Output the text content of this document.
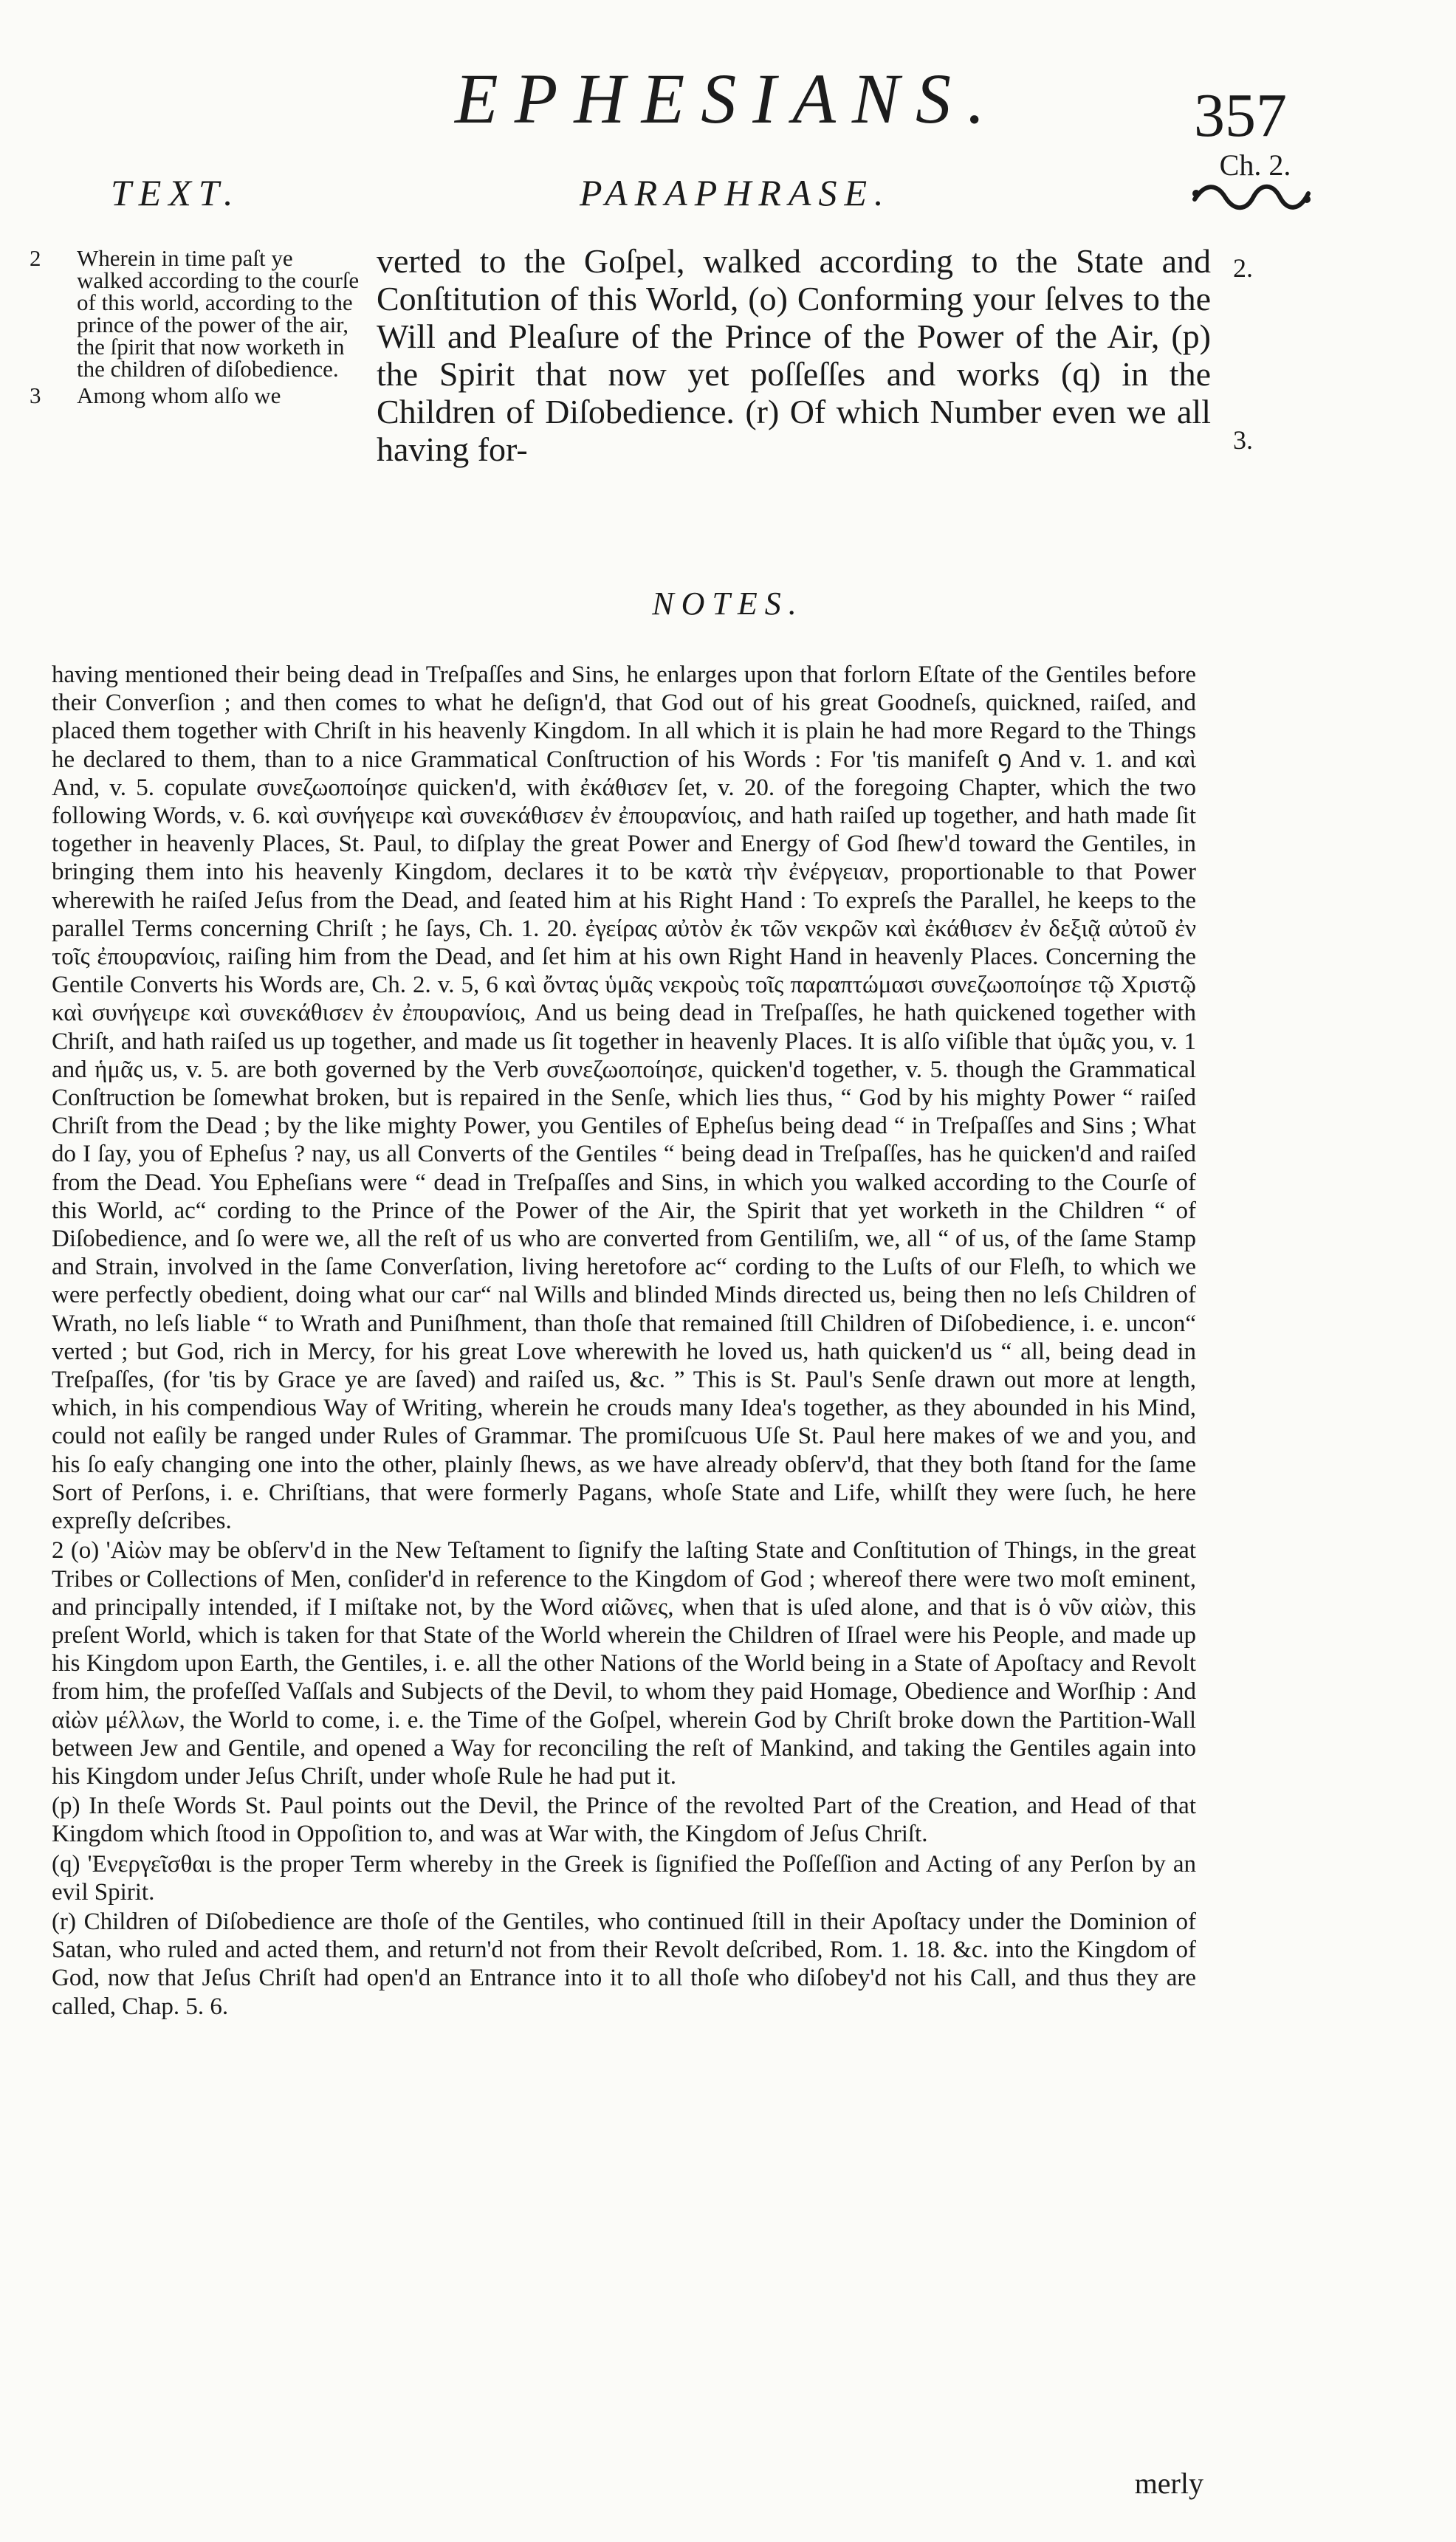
EPHESIANS.	357
Ch. 2.
TEXT.	PARAPHRASE.
2 Wherein in time paſt ye walked according to the courſe of this world, according to the prince of the power of the air, the ſpirit that now worketh in the children of diſobedience.
3 Among whom alſo we
verted to the Goſpel, walked according to the State and Conſtitution of this World, (o) Conforming your ſelves to the Will and Pleaſure of the Prince of the Power of the Air, (p) the Spirit that now yet poſſeſſes and works (q) in the Children of Diſobedience. (r) Of which Number even we all having for-
2.
3.
NOTES.

having mentioned their being dead in Treſpaſſes and Sins, he enlarges upon that forlorn Eſtate of the Gentiles before their Converſion ; and then comes to what he deſign'd, that God out of his great Goodneſs, quickned, raiſed, and placed them together with Chriſt in his heavenly Kingdom. In all which it is plain he had more Regard to the Things he declared to them, than to a nice Grammatical Conſtruction of his Words : For 'tis manifeſt ꝯ And v. 1. and καὶ And, v. 5. copulate συνεζωοποίησε quicken'd, with ἐκάθισεν ſet, v. 20. of the foregoing Chapter, which the two following Words, v. 6. καὶ συνήγειρε καὶ συνεκάθισεν ἐν ἐπουρανίοις, and hath raiſed up together, and hath made ſit together in heavenly Places, St. Paul, to diſplay the great Power and Energy of God ſhew'd toward the Gentiles, in bringing them into his heavenly Kingdom, declares it to be κατὰ τὴν ἐνέργειαν, proportionable to that Power wherewith he raiſed Jeſus from the Dead, and ſeated him at his Right Hand : To expreſs the Parallel, he keeps to the parallel Terms concerning Chriſt ; he ſays, Ch. 1. 20. ἐγείρας αὐτὸν ἐκ τῶν νεκρῶν καὶ ἐκάθισεν ἐν δεξιᾷ αὐτοῦ ἐν τοῖς ἐπουρανίοις, raiſing him from the Dead, and ſet him at his own Right Hand in heavenly Places. Concerning the Gentile Converts his Words are, Ch. 2. v. 5, 6 καὶ ὄντας ὑμᾶς νεκροὺς τοῖς παραπτώμασι συνεζωοποίησε τῷ Χριστῷ καὶ συνήγειρε καὶ συνεκάθισεν ἐν ἐπουρανίοις, And us being dead in Treſpaſſes, he hath quickened together with Chriſt, and hath raiſed us up together, and made us ſit together in heavenly Places. It is alſo viſible that ὑμᾶς you, v. 1 and ἡμᾶς us, v. 5. are both governed by the Verb συνεζωοποίησε, quicken'd together, v. 5. though the Grammatical Conſtruction be ſomewhat broken, but is repaired in the Senſe, which lies thus, “ God by his mighty Power “ raiſed Chriſt from the Dead ; by the like mighty Power, you Gentiles of Epheſus being dead “ in Treſpaſſes and Sins ; What do I ſay, you of Epheſus ? nay, us all Converts of the Gentiles “ being dead in Treſpaſſes, has he quicken'd and raiſed from the Dead. You Epheſians were “ dead in Treſpaſſes and Sins, in which you walked according to the Courſe of this World, ac“ cording to the Prince of the Power of the Air, the Spirit that yet worketh in the Children “ of Diſobedience, and ſo were we, all the reſt of us who are converted from Gentiliſm, we, all “ of us, of the ſame Stamp and Strain, involved in the ſame Converſation, living heretofore ac“ cording to the Luſts of our Fleſh, to which we were perfectly obedient, doing what our car“ nal Wills and blinded Minds directed us, being then no leſs Children of Wrath, no leſs liable “ to Wrath and Puniſhment, than thoſe that remained ſtill Children of Diſobedience, i. e. uncon“ verted ; but God, rich in Mercy, for his great Love wherewith he loved us, hath quicken'd us “ all, being dead in Treſpaſſes, (for 'tis by Grace ye are ſaved) and raiſed us, &c. ” This is St. Paul's Senſe drawn out more at length, which, in his compendious Way of Writing, wherein he crouds many Idea's together, as they abounded in his Mind, could not eaſily be ranged under Rules of Grammar. The promiſcuous Uſe St. Paul here makes of we and you, and his ſo eaſy changing one into the other, plainly ſhews, as we have already obſerv'd, that they both ſtand for the ſame Sort of Perſons, i. e. Chriſtians, that were formerly Pagans, whoſe State and Life, whilſt they were ſuch, he here expreſly deſcribes.

2 (o) 'Αἰὼν may be obſerv'd in the New Teſtament to ſignify the laſting State and Conſtitution of Things, in the great Tribes or Collections of Men, conſider'd in reference to the Kingdom of God ; whereof there were two moſt eminent, and principally intended, if I miſtake not, by the Word αἰῶνες, when that is uſed alone, and that is ὁ νῦν αἰὼν, this preſent World, which is taken for that State of the World wherein the Children of Iſrael were his People, and made up his Kingdom upon Earth, the Gentiles, i. e. all the other Nations of the World being in a State of Apoſtacy and Revolt from him, the profeſſed Vaſſals and Subjects of the Devil, to whom they paid Homage, Obedience and Worſhip : And αἰὼν μέλλων, the World to come, i. e. the Time of the Goſpel, wherein God by Chriſt broke down the Partition-Wall between Jew and Gentile, and opened a Way for reconciling the reſt of Mankind, and taking the Gentiles again into his Kingdom under Jeſus Chriſt, under whoſe Rule he had put it.

(p) In theſe Words St. Paul points out the Devil, the Prince of the revolted Part of the Creation, and Head of that Kingdom which ſtood in Oppoſition to, and was at War with, the Kingdom of Jeſus Chriſt.

(q) 'Ενεργεῖσθαι is the proper Term whereby in the Greek is ſignified the Poſſeſſion and Acting of any Perſon by an evil Spirit.

(r) Children of Diſobedience are thoſe of the Gentiles, who continued ſtill in their Apoſtacy under the Dominion of Satan, who ruled and acted them, and return'd not from their Revolt deſcribed, Rom. 1. 18. &c. into the Kingdom of God, now that Jeſus Chriſt had open'd an Entrance into it to all thoſe who diſobey'd not his Call, and thus they are called, Chap. 5. 6.

merly
